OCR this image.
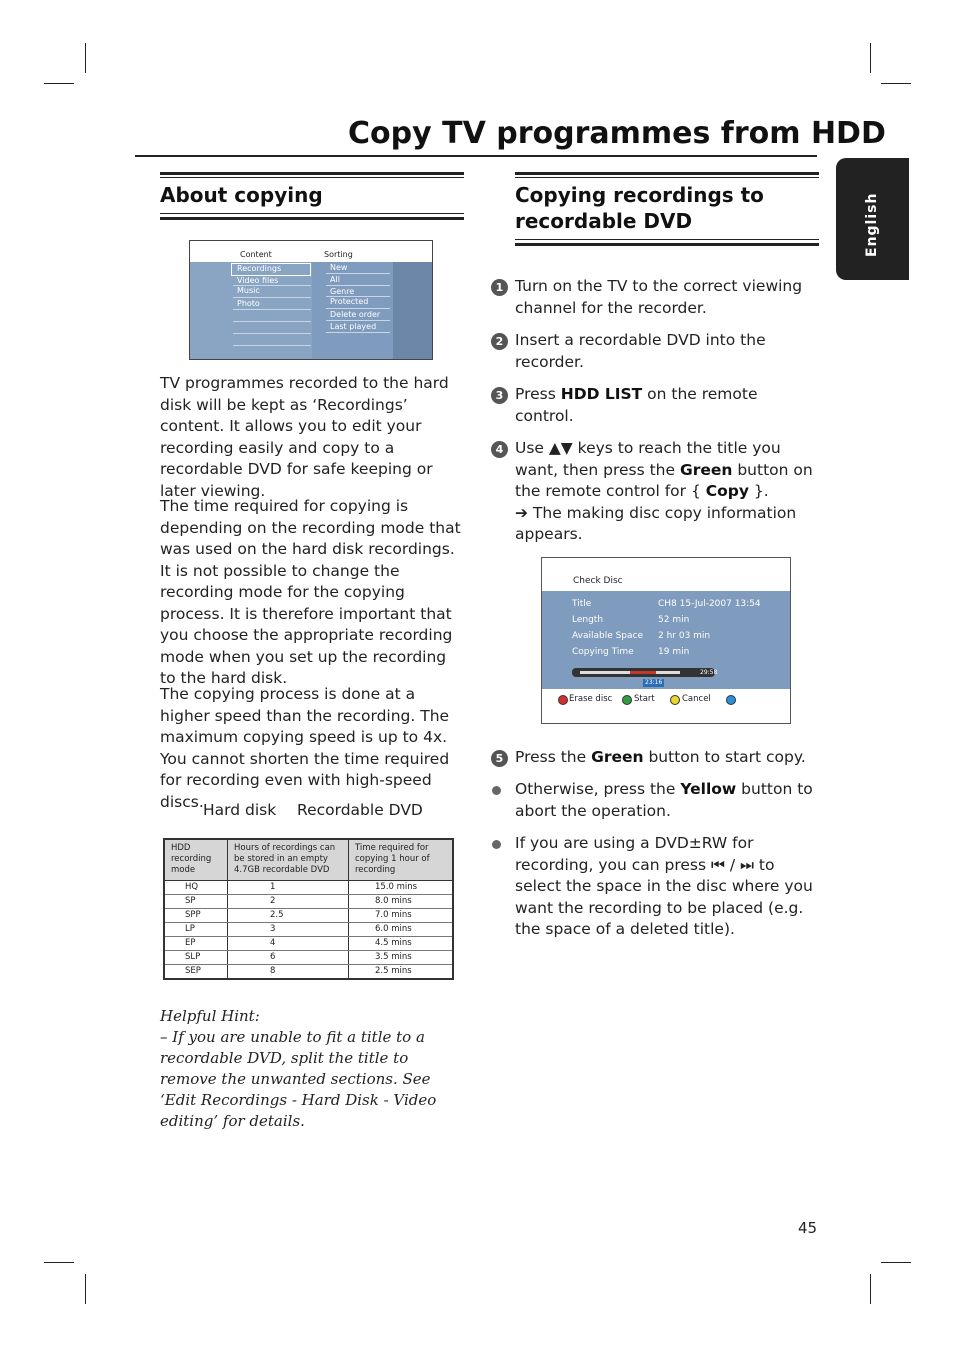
Copy TV programmes from HDD
English
About copying
Content	Sorting
Recordings
Video files
Music
Photo
New
All
Genre
Protected
Delete order
Last played
TV programmes recorded to the hard disk will be kept as ‘Recordings’ content. It allows you to edit your recording easily and copy to a recordable DVD for safe keeping or later viewing.
The time required for copying is depending on the recording mode that was used on the hard disk recordings. It is not possible to change the recording mode for the copying process. It is therefore important that you choose the appropriate recording mode when you set up the recording to the hard disk.
The copying process is done at a higher speed than the recording. The maximum copying speed is up to 4x. You cannot shorten the time required for recording even with high-speed discs. Hard disk Recordable DVD
HDD recording mode	Hours of recordings can be stored in an empty 4.7GB recordable DVD	Time required for copying 1 hour of recording
HQ	1	15.0 mins
SP	2	8.0 mins
SPP	2.5	7.0 mins
LP	3	6.0 mins
EP	4	4.5 mins
SLP	6	3.5 mins
SEP	8	2.5 mins
Helpful Hint:
– If you are unable to fit a title to a recordable DVD, split the title to remove the unwanted sections. See ‘Edit Recordings - Hard Disk - Video editing’ for details.
Copying recordings to
recordable DVD
1 Turn on the TV to the correct viewing channel for the recorder.
2 Insert a recordable DVD into the recorder.
3 Press HDD LIST on the remote control.
4 Use ▲▼ keys to reach the title you want, then press the Green button on the remote control for { Copy }.
➔ The making disc copy information appears.
Check Disc
Title	CH8 15-Jul-2007 13:54
Length	52 min
Available Space 2 hr 03 min
Copying Time	19 min
29:58
23:16
Erase disc	Start	Cancel
5 Press the Green button to start copy.
Otherwise, press the Yellow button to abort the operation.
If you are using a DVD±RW for recording, you can press ⏮ / ⏭ to select the space in the disc where you want the recording to be placed (e.g. the space of a deleted title).
45
